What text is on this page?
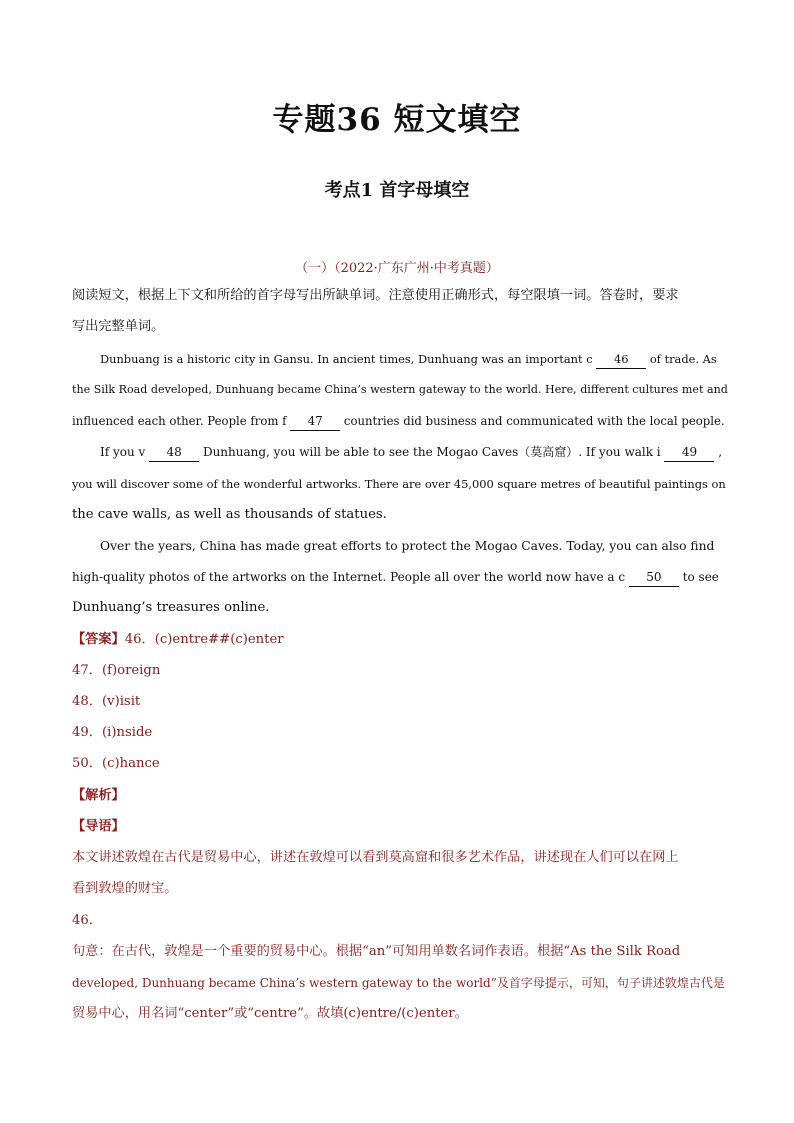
专题36 短文填空
考点1 首字母填空
（一）（2022·广东广州·中考真题）
阅读短文，根据上下文和所给的首字母写出所缺单词。注意使用正确形式，每空限填一词。答卷时，要求
写出完整单词。
Dunbuang is a historic city in Gansu. In ancient times, Dunhuang was an important c 46 of trade. As
the Silk Road developed, Dunhuang became China’s western gateway to the world. Here, different cultures met and
influenced each other. People from f 47 countries did business and communicated with the local people.
If you v 48 Dunhuang, you will be able to see the Mogao Caves（莫高窟）. If you walk i 49 ,
you will discover some of the wonderful artworks. There are over 45,000 square metres of beautiful paintings on
the cave walls, as well as thousands of statues.
Over the years, China has made great efforts to protect the Mogao Caves. Today, you can also find
high-quality photos of the artworks on the Internet. People all over the world now have a c 50 to see
Dunhuang’s treasures online.
【答案】46．(c)entre##(c)enter
47．(f)oreign
48．(v)isit
49．(i)nside
50．(c)hance
【解析】
【导语】
本文讲述敦煌在古代是贸易中心，讲述在敦煌可以看到莫高窟和很多艺术作品，讲述现在人们可以在网上
看到敦煌的财宝。
46．
句意：在古代，敦煌是一个重要的贸易中心。根据“an”可知用单数名词作表语。根据“As the Silk Road
developed, Dunhuang became China’s western gateway to the world”及首字母提示，可知，句子讲述敦煌古代是
贸易中心，用名词“center”或“centre”。故填(c)entre/(c)enter。
